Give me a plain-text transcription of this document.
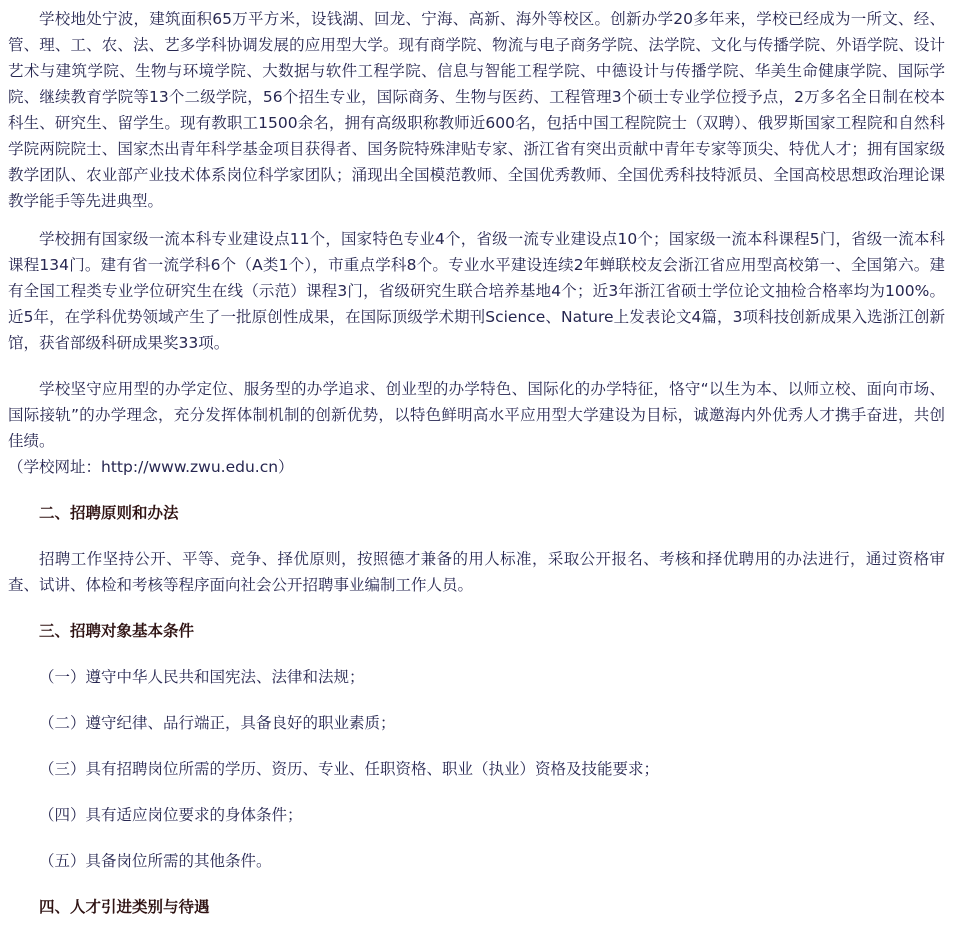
学校地处宁波，建筑面积65万平方米，设钱湖、回龙、宁海、高新、海外等校区。创新办学20多年来，学校已经成为一所文、经、管、理、工、农、法、艺多学科协调发展的应用型大学。现有商学院、物流与电子商务学院、法学院、文化与传播学院、外语学院、设计艺术与建筑学院、生物与环境学院、大数据与软件工程学院、信息与智能工程学院、中德设计与传播学院、华美生命健康学院、国际学院、继续教育学院等13个二级学院，56个招生专业，国际商务、生物与医药、工程管理3个硕士专业学位授予点，2万多名全日制在校本科生、研究生、留学生。现有教职工1500余名，拥有高级职称教师近600名，包括中国工程院院士（双聘）、俄罗斯国家工程院和自然科学院两院院士、国家杰出青年科学基金项目获得者、国务院特殊津贴专家、浙江省有突出贡献中青年专家等顶尖、特优人才；拥有国家级教学团队、农业部产业技术体系岗位科学家团队；涌现出全国模范教师、全国优秀教师、全国优秀科技特派员、全国高校思想政治理论课教学能手等先进典型。

学校拥有国家级一流本科专业建设点11个，国家特色专业4个，省级一流专业建设点10个；国家级一流本科课程5门，省级一流本科课程134门。建有省一流学科6个（A类1个），市重点学科8个。专业水平建设连续2年蝉联校友会浙江省应用型高校第一、全国第六。建有全国工程类专业学位研究生在线（示范）课程3门，省级研究生联合培养基地4个；近3年浙江省硕士学位论文抽检合格率均为100%。近5年，在学科优势领域产生了一批原创性成果，在国际顶级学术期刊Science、Nature上发表论文4篇，3项科技创新成果入选浙江创新馆，获省部级科研成果奖33项。

学校坚守应用型的办学定位、服务型的办学追求、创业型的办学特色、国际化的办学特征，恪守“以生为本、以师立校、面向市场、国际接轨”的办学理念，充分发挥体制机制的创新优势，以特色鲜明高水平应用型大学建设为目标，诚邀海内外优秀人才携手奋进，共创佳绩。

（学校网址：http://www.zwu.edu.cn）

二、招聘原则和办法

招聘工作坚持公开、平等、竞争、择优原则，按照德才兼备的用人标准，采取公开报名、考核和择优聘用的办法进行，通过资格审查、试讲、体检和考核等程序面向社会公开招聘事业编制工作人员。

三、招聘对象基本条件

（一）遵守中华人民共和国宪法、法律和法规；

（二）遵守纪律、品行端正，具备良好的职业素质；

（三）具有招聘岗位所需的学历、资历、专业、任职资格、职业（执业）资格及技能要求；

（四）具有适应岗位要求的身体条件；

（五）具备岗位所需的其他条件。

四、人才引进类别与待遇
